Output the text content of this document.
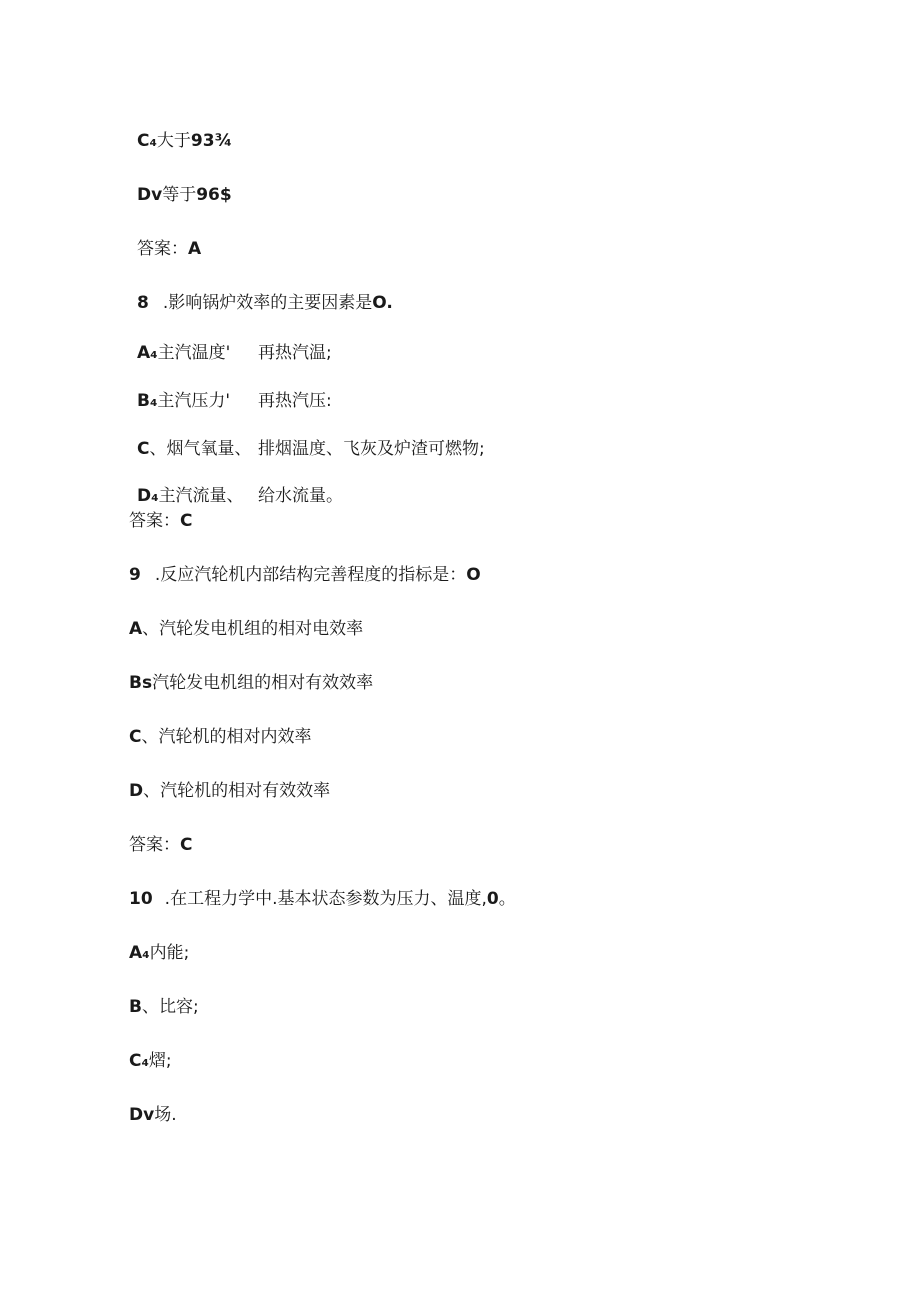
C₄大于93¾
Dv等于96$
答案：A
8 .影响锅炉效率的主要因素是O.
A₄主汽温度' 再热汽温;
B₄主汽压力' 再热汽压:
C、烟气氧量、 排烟温度、飞灰及炉渣可燃物;
D₄主汽流量、 给水流量。
答案：C
9 .反应汽轮机内部结构完善程度的指标是：O
A、汽轮发电机组的相对电效率
Bs汽轮发电机组的相对有效效率
C、汽轮机的相对内效率
D、汽轮机的相对有效效率
答案：C
10 .在工程力学中.基本状态参数为压力、温度,0。
A₄内能;
B、比容;
C₄熠;
Dv场.
